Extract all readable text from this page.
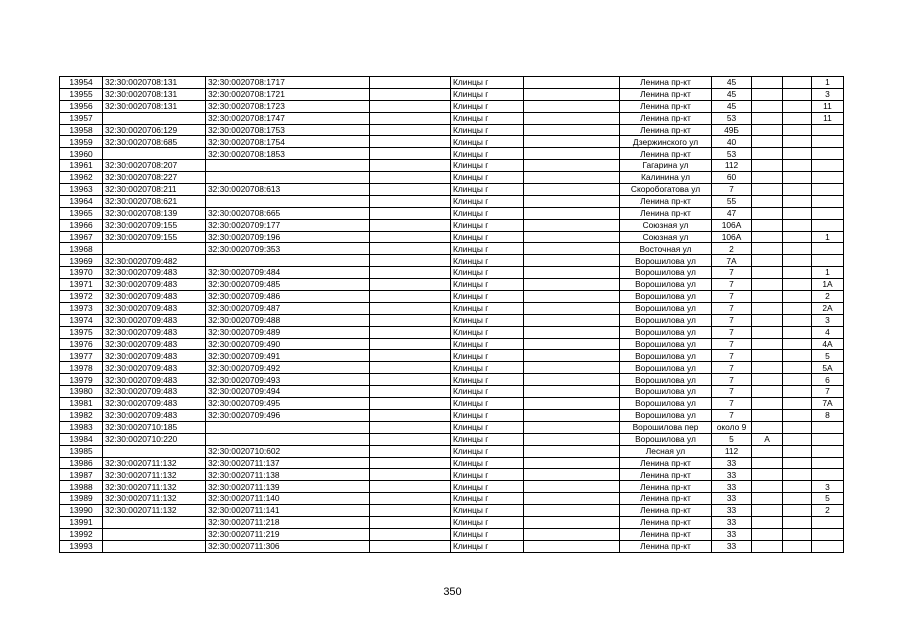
13954	32:30:0020708:131	32:30:0020708:1717		Клинцы г		Ленина пр-кт	45			1
13955	32:30:0020708:131	32:30:0020708:1721		Клинцы г		Ленина пр-кт	45			3
13956	32:30:0020708:131	32:30:0020708:1723		Клинцы г		Ленина пр-кт	45			11
13957		32:30:0020708:1747		Клинцы г		Ленина пр-кт	53			11
13958	32:30:0020706:129	32:30:0020708:1753		Клинцы г		Ленина пр-кт	49Б			
13959	32:30:0020708:685	32:30:0020708:1754		Клинцы г		Дзержинского ул	40			
13960		32:30:0020708:1853		Клинцы г		Ленина пр-кт	53			
13961	32:30:0020708:207			Клинцы г		Гагарина ул	112			
13962	32:30:0020708:227			Клинцы г		Калинина ул	60			
13963	32:30:0020708:211	32:30:0020708:613		Клинцы г		Скоробогатова ул	7			
13964	32:30:0020708:621			Клинцы г		Ленина пр-кт	55			
13965	32:30:0020708:139	32:30:0020708:665		Клинцы г		Ленина пр-кт	47			
13966	32:30:0020709:155	32:30:0020709:177		Клинцы г		Союзная ул	106А			
13967	32:30:0020709:155	32:30:0020709:196		Клинцы г		Союзная ул	106А			1
13968		32:30:0020709:353		Клинцы г		Восточная ул	2			
13969	32:30:0020709:482			Клинцы г		Ворошилова ул	7А			
13970	32:30:0020709:483	32:30:0020709:484		Клинцы г		Ворошилова ул	7			1
13971	32:30:0020709:483	32:30:0020709:485		Клинцы г		Ворошилова ул	7			1А
13972	32:30:0020709:483	32:30:0020709:486		Клинцы г		Ворошилова ул	7			2
13973	32:30:0020709:483	32:30:0020709:487		Клинцы г		Ворошилова ул	7			2А
13974	32:30:0020709:483	32:30:0020709:488		Клинцы г		Ворошилова ул	7			3
13975	32:30:0020709:483	32:30:0020709:489		Клинцы г		Ворошилова ул	7			4
13976	32:30:0020709:483	32:30:0020709:490		Клинцы г		Ворошилова ул	7			4А
13977	32:30:0020709:483	32:30:0020709:491		Клинцы г		Ворошилова ул	7			5
13978	32:30:0020709:483	32:30:0020709:492		Клинцы г		Ворошилова ул	7			5А
13979	32:30:0020709:483	32:30:0020709:493		Клинцы г		Ворошилова ул	7			6
13980	32:30:0020709:483	32:30:0020709:494		Клинцы г		Ворошилова ул	7			7
13981	32:30:0020709:483	32:30:0020709:495		Клинцы г		Ворошилова ул	7			7А
13982	32:30:0020709:483	32:30:0020709:496		Клинцы г		Ворошилова ул	7			8
13983	32:30:0020710:185			Клинцы г		Ворошилова пер	около 9			
13984	32:30:0020710:220			Клинцы г		Ворошилова ул	5	А		
13985		32:30:0020710:602		Клинцы г		Лесная ул	112			
13986	32:30:0020711:132	32:30:0020711:137		Клинцы г		Ленина пр-кт	33			
13987	32:30:0020711:132	32:30:0020711:138		Клинцы г		Ленина пр-кт	33			
13988	32:30:0020711:132	32:30:0020711:139		Клинцы г		Ленина пр-кт	33			3
13989	32:30:0020711:132	32:30:0020711:140		Клинцы г		Ленина пр-кт	33			5
13990	32:30:0020711:132	32:30:0020711:141		Клинцы г		Ленина пр-кт	33			2
13991		32:30:0020711:218		Клинцы г		Ленина пр-кт	33			
13992		32:30:0020711:219		Клинцы г		Ленина пр-кт	33			
13993		32:30:0020711:306		Клинцы г		Ленина пр-кт	33			
350
